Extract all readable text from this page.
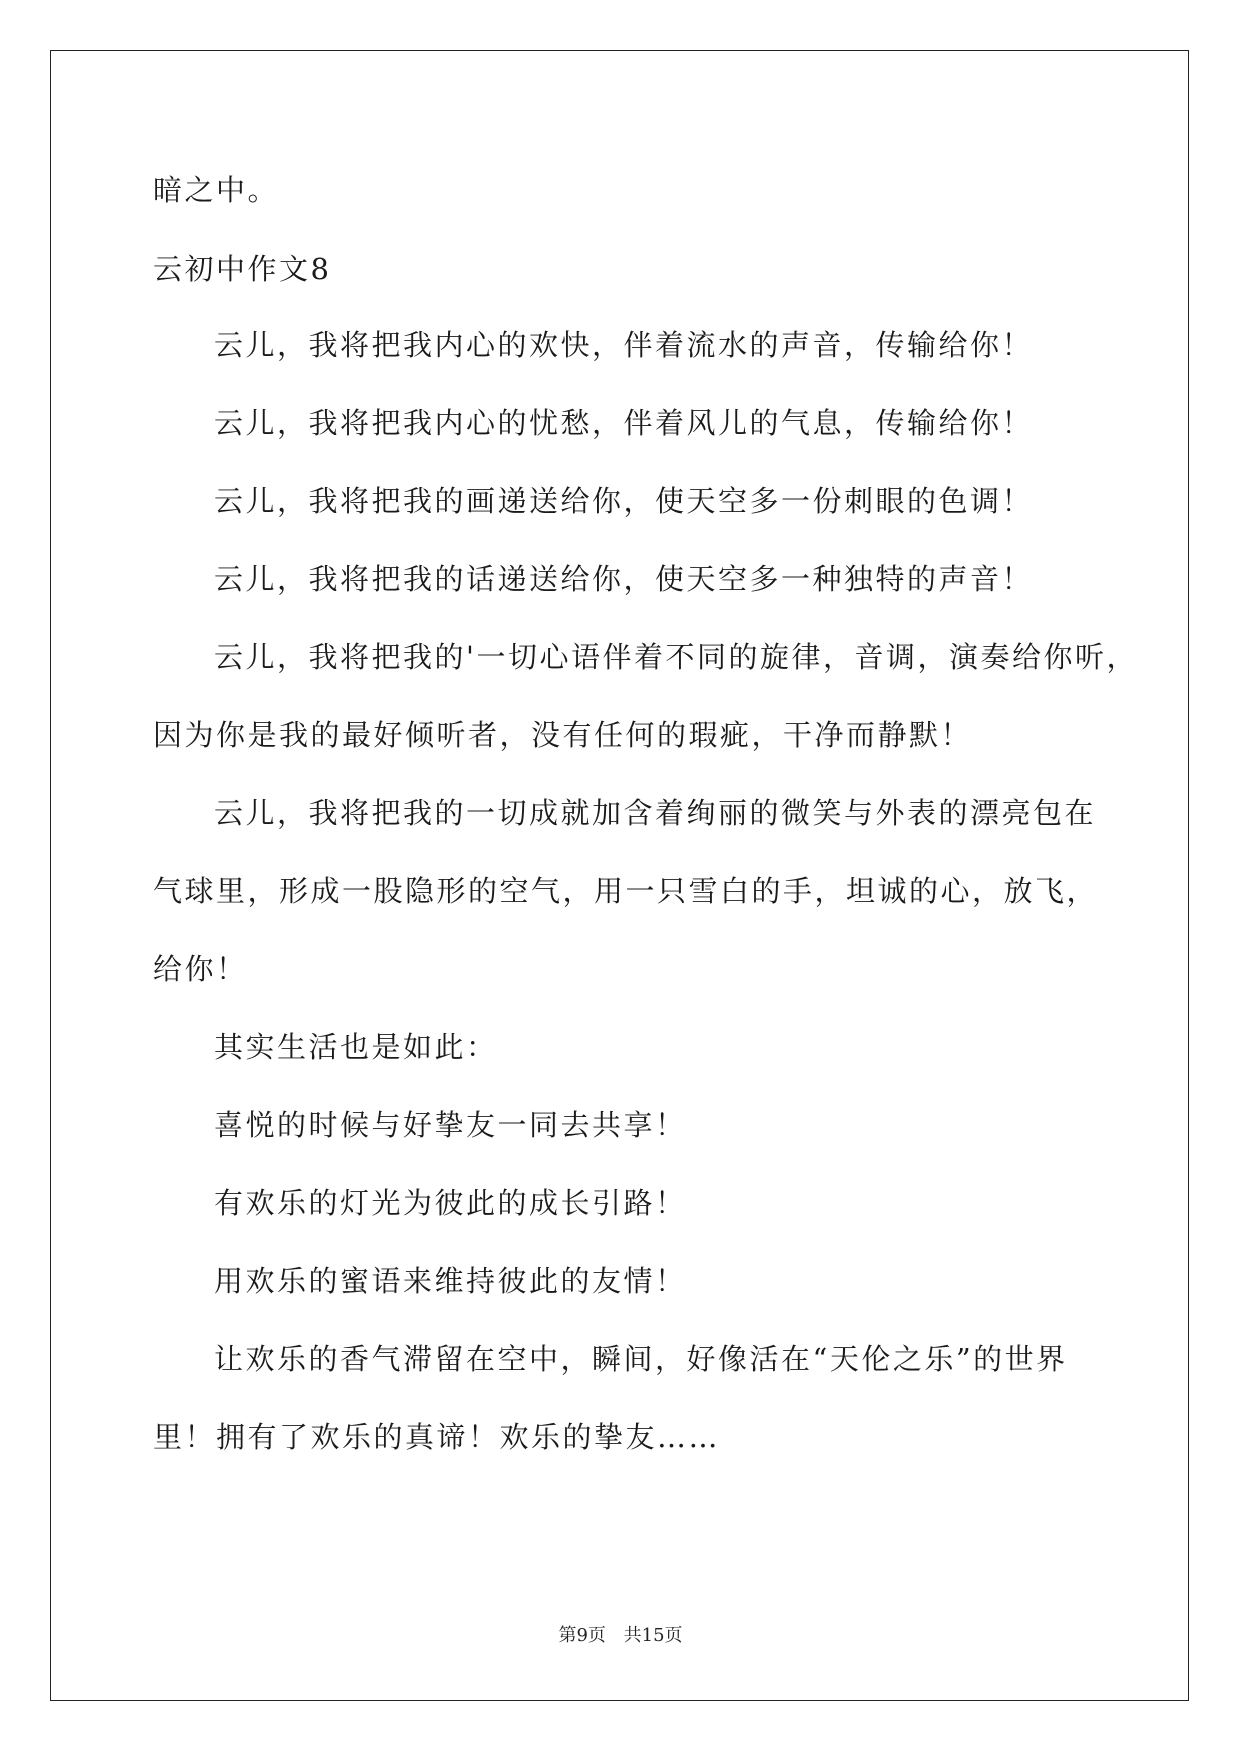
暗之中。
云初中作文8
云儿，我将把我内心的欢快，伴着流水的声音，传输给你！
云儿，我将把我内心的忧愁，伴着风儿的气息，传输给你！
云儿，我将把我的画递送给你，使天空多一份刺眼的色调！
云儿，我将把我的话递送给你，使天空多一种独特的声音！
云儿，我将把我的'一切心语伴着不同的旋律，音调，演奏给你听，
因为你是我的最好倾听者，没有任何的瑕疵，干净而静默！
云儿，我将把我的一切成就加含着绚丽的微笑与外表的漂亮包在
气球里，形成一股隐形的空气，用一只雪白的手，坦诚的心，放飞，
给你！
其实生活也是如此：
喜悦的时候与好挚友一同去共享！
有欢乐的灯光为彼此的成长引路！
用欢乐的蜜语来维持彼此的友情！
让欢乐的香气滞留在空中，瞬间，好像活在“天伦之乐”的世界
里！拥有了欢乐的真谛！欢乐的挚友……
第9页 共15页
